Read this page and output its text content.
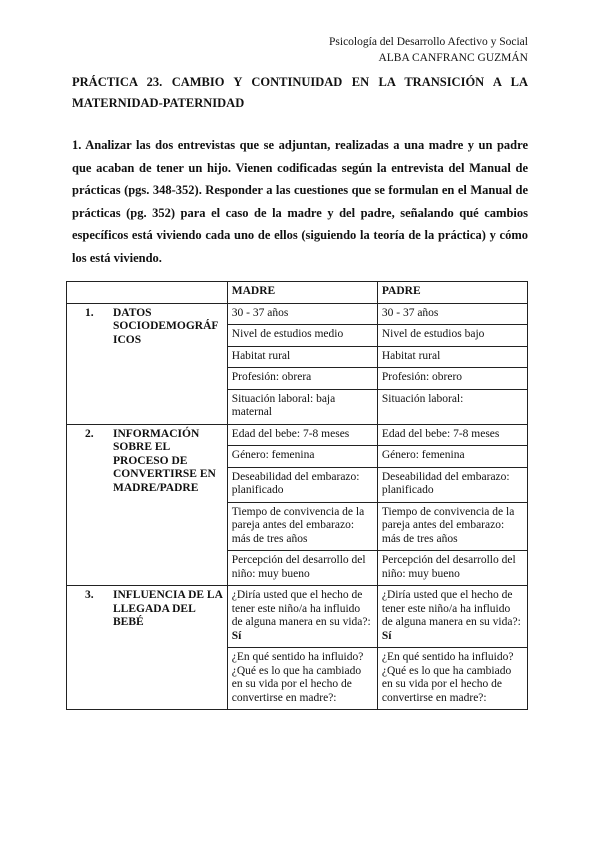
Psicología del Desarrollo Afectivo y Social
ALBA CANFRANC GUZMÁN
PRÁCTICA 23. CAMBIO Y CONTINUIDAD EN LA TRANSICIÓN A LA MATERNIDAD-PATERNIDAD
1. Analizar las dos entrevistas que se adjuntan, realizadas a una madre y un padre que acaban de tener un hijo. Vienen codificadas según la entrevista del Manual de prácticas (pgs. 348-352). Responder a las cuestiones que se formulan en el Manual de prácticas (pg. 352) para el caso de la madre y del padre, señalando qué cambios específicos está viviendo cada uno de ellos (siguiendo la teoría de la práctica) y cómo los está viviendo.
	MADRE	PADRE

1. DATOS SOCIODEMOGRÁF ICOS	30 - 37 años	30 - 37 años
	Nivel de estudios medio	Nivel de estudios bajo
	Habitat rural	Habitat rural
	Profesión: obrera	Profesión: obrero
	Situación laboral: baja maternal	Situación laboral:

2. INFORMACIÓN SOBRE EL PROCESO DE CONVERTIRSE EN MADRE/PADRE	Edad del bebe: 7-8 meses	Edad del bebe: 7-8 meses
	Género: femenina	Género: femenina
	Deseabilidad del embarazo: planificado	Deseabilidad del embarazo: planificado
	Tiempo de convivencia de la pareja antes del embarazo: más de tres años	Tiempo de convivencia de la pareja antes del embarazo: más de tres años
	Percepción del desarrollo del niño: muy bueno	Percepción del desarrollo del niño: muy bueno

3. INFLUENCIA DE LA LLEGADA DEL BEBÉ	¿Diría usted que el hecho de tener este niño/a ha influido de alguna manera en su vida?: Sí	¿Diría usted que el hecho de tener este niño/a ha influido de alguna manera en su vida?: Sí
	¿En qué sentido ha influido? ¿Qué es lo que ha cambiado en su vida por el hecho de convertirse en madre?:	¿En qué sentido ha influido? ¿Qué es lo que ha cambiado en su vida por el hecho de convertirse en madre?:
